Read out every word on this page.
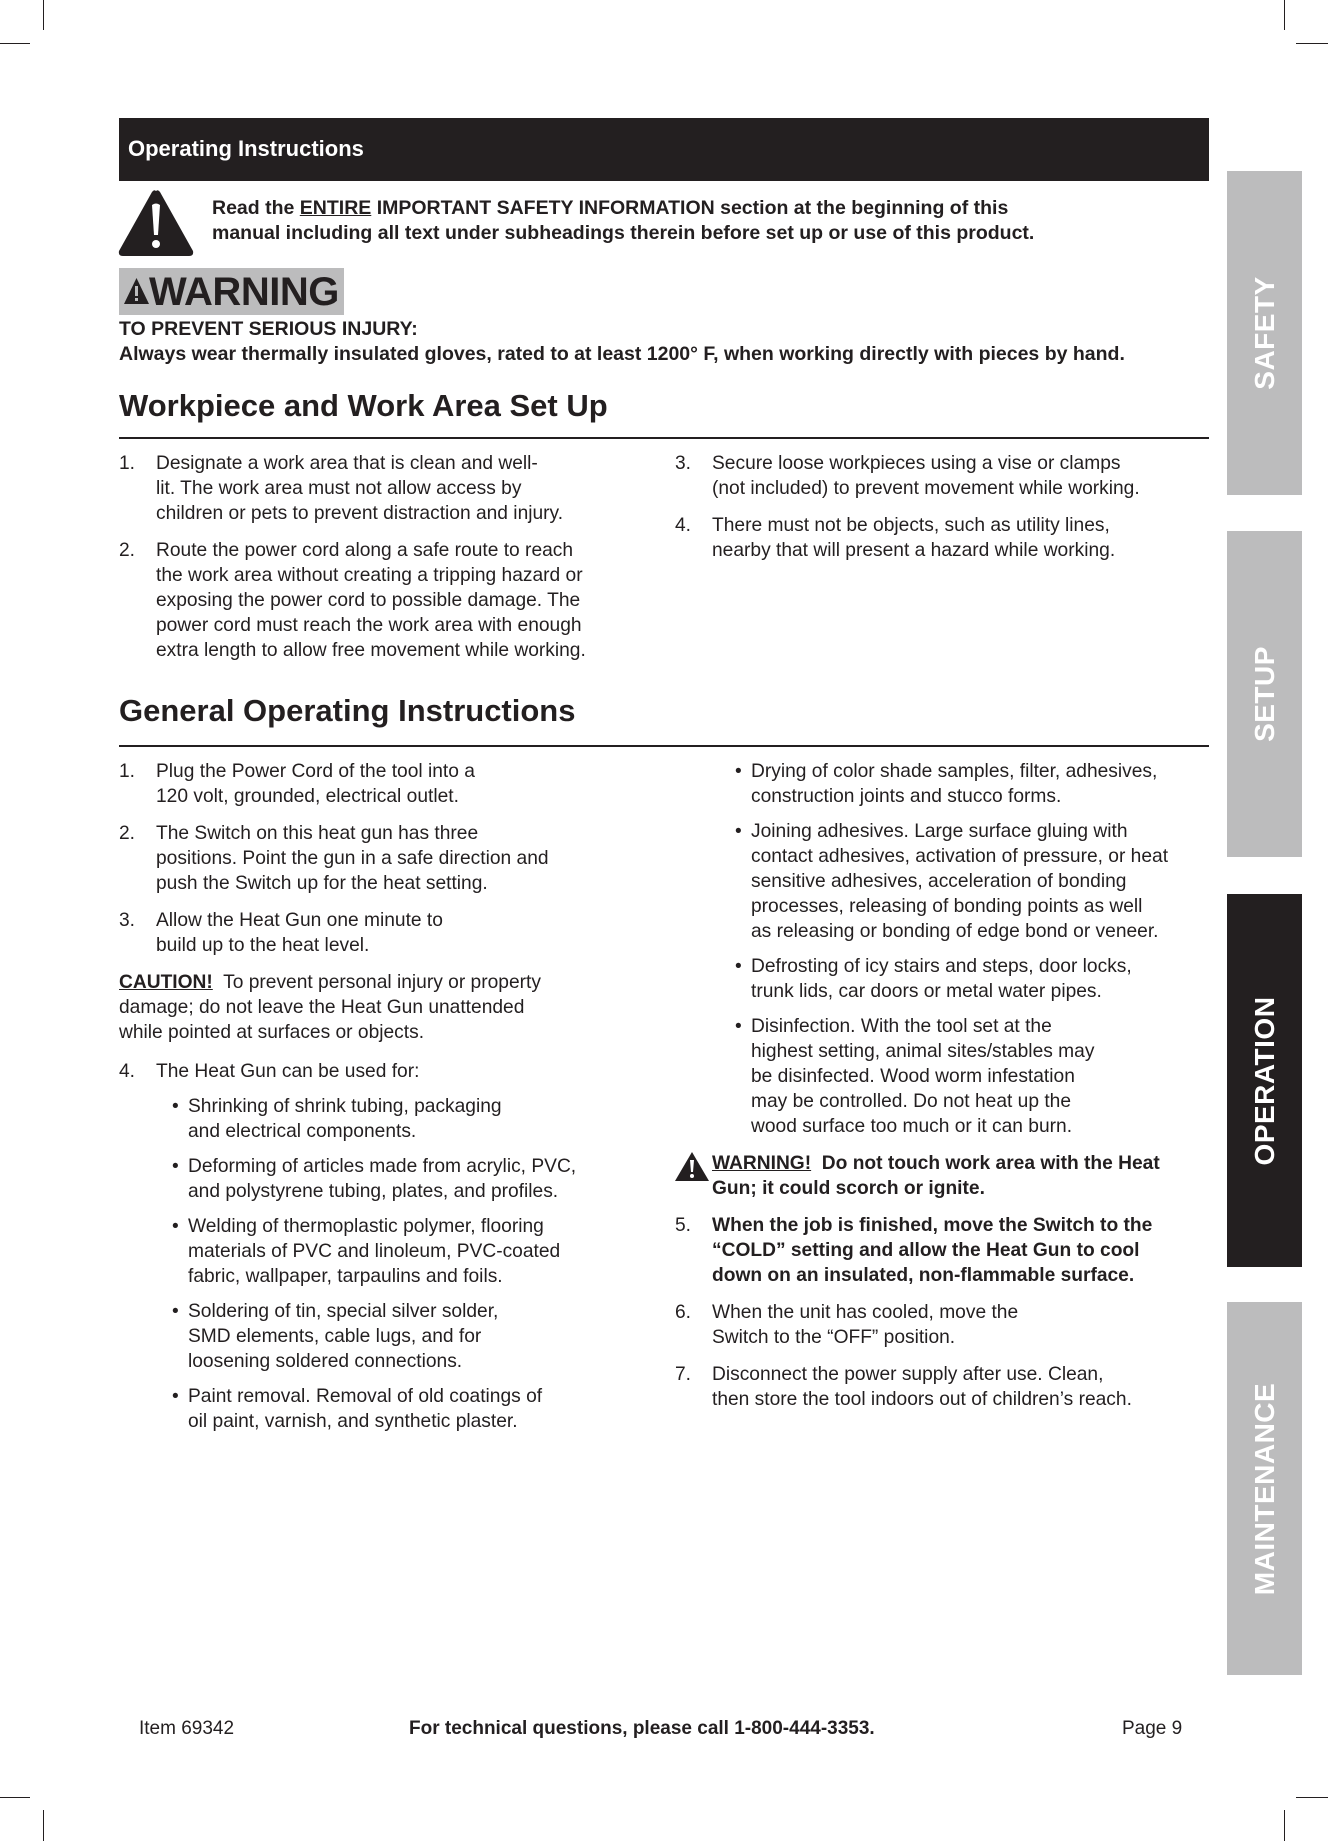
Operating Instructions
Read the ENTIRE IMPORTANT SAFETY INFORMATION section at the beginning of this
manual including all text under subheadings therein before set up or use of this product.
WARNING
TO PREVENT SERIOUS INJURY:
Always wear thermally insulated gloves, rated to at least 1200° F, when working directly with pieces by hand.
Workpiece and Work Area Set Up
1. Designate a work area that is clean and well-
lit. The work area must not allow access by
children or pets to prevent distraction and injury.
2. Route the power cord along a safe route to reach
the work area without creating a tripping hazard or
exposing the power cord to possible damage. The
power cord must reach the work area with enough
extra length to allow free movement while working.
3. Secure loose workpieces using a vise or clamps
(not included) to prevent movement while working.
4. There must not be objects, such as utility lines,
nearby that will present a hazard while working.
General Operating Instructions
1. Plug the Power Cord of the tool into a
120 volt, grounded, electrical outlet.
2. The Switch on this heat gun has three
positions. Point the gun in a safe direction and
push the Switch up for the heat setting.
3. Allow the Heat Gun one minute to
build up to the heat level.
CAUTION!  To prevent personal injury or property
damage; do not leave the Heat Gun unattended
while pointed at surfaces or objects.
4. The Heat Gun can be used for:
• Shrinking of shrink tubing, packaging
and electrical components.
• Deforming of articles made from acrylic, PVC,
and polystyrene tubing, plates, and profiles.
• Welding of thermoplastic polymer, flooring
materials of PVC and linoleum, PVC-coated
fabric, wallpaper, tarpaulins and foils.
• Soldering of tin, special silver solder,
SMD elements, cable lugs, and for
loosening soldered connections.
• Paint removal. Removal of old coatings of
oil paint, varnish, and synthetic plaster.
• Drying of color shade samples, filter, adhesives,
construction joints and stucco forms.
• Joining adhesives. Large surface gluing with
contact adhesives, activation of pressure, or heat
sensitive adhesives, acceleration of bonding
processes, releasing of bonding points as well
as releasing or bonding of edge bond or veneer.
• Defrosting of icy stairs and steps, door locks,
trunk lids, car doors or metal water pipes.
• Disinfection. With the tool set at the
highest setting, animal sites/stables may
be disinfected. Wood worm infestation
may be controlled. Do not heat up the
wood surface too much or it can burn.
WARNING!  Do not touch work area with the Heat
Gun; it could scorch or ignite.
5. When the job is finished, move the Switch to the
“COLD” setting and allow the Heat Gun to cool
down on an insulated, non-flammable surface.
6. When the unit has cooled, move the
Switch to the “OFF” position.
7. Disconnect the power supply after use. Clean,
then store the tool indoors out of children’s reach.
SAFETY
SETUP
OPERATION
MAINTENANCE
Item 69342	For technical questions, please call 1-800-444-3353.	Page 9
